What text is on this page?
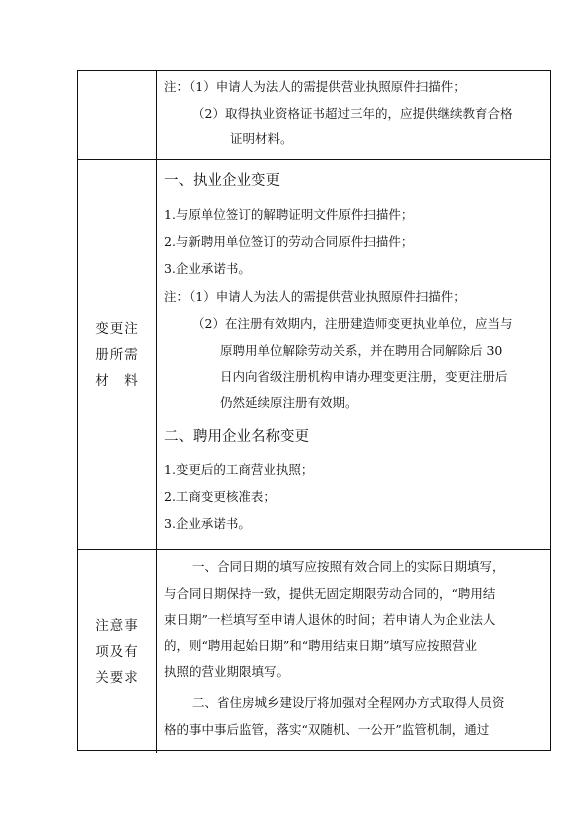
注：（1）申请人为法人的需提供营业执照原件扫描件；
（2）取得执业资格证书超过三年的，应提供继续教育合格
证明材料。
变更注
册所需
材　料
一、执业企业变更
1.与原单位签订的解聘证明文件原件扫描件；
2.与新聘用单位签订的劳动合同原件扫描件；
3.企业承诺书。
注：（1）申请人为法人的需提供营业执照原件扫描件；
（2）在注册有效期内，注册建造师变更执业单位，应当与
原聘用单位解除劳动关系，并在聘用合同解除后 30
日内向省级注册机构申请办理变更注册，变更注册后
仍然延续原注册有效期。
二、聘用企业名称变更
1.变更后的工商营业执照；
2.工商变更核准表；
3.企业承诺书。
注意事
项及有
关要求
一、合同日期的填写应按照有效合同上的实际日期填写，
与合同日期保持一致，提供无固定期限劳动合同的，“聘用结
束日期”一栏填写至申请人退休的时间；若申请人为企业法人
的，则“聘用起始日期”和“聘用结束日期”填写应按照营业
执照的营业期限填写。
二、省住房城乡建设厅将加强对全程网办方式取得人员资
格的事中事后监管，落实“双随机、一公开”监管机制，通过
